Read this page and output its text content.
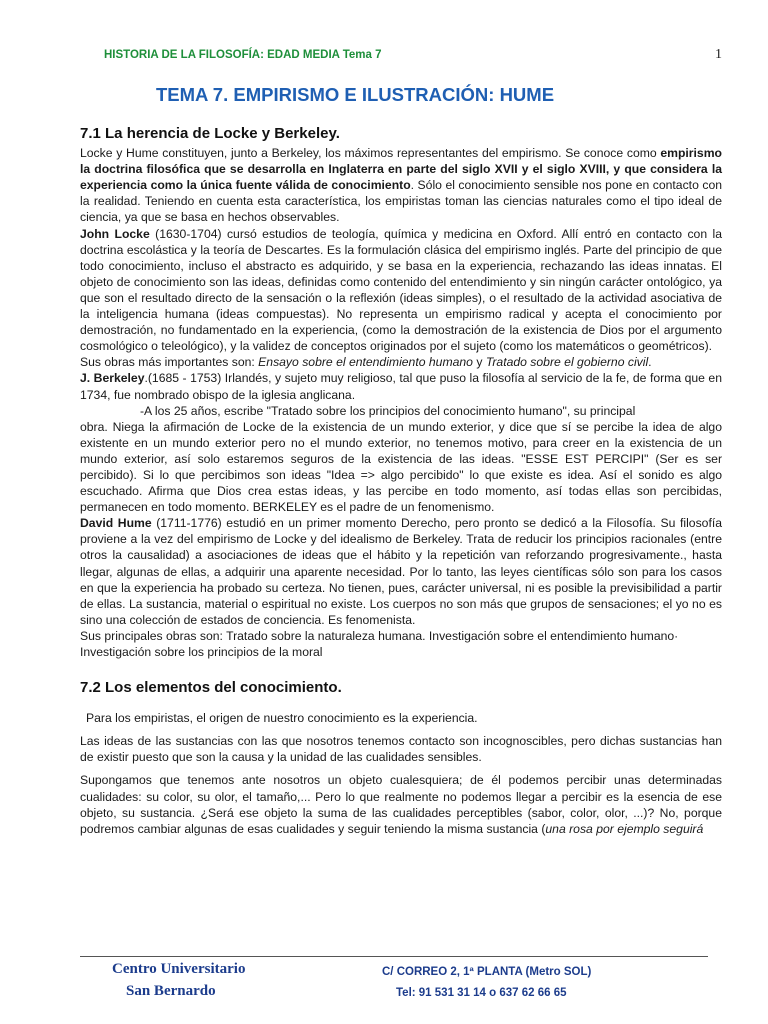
HISTORIA DE LA FILOSOFÍA: EDAD MEDIA Tema 7	1
TEMA 7. EMPIRISMO E ILUSTRACIÓN: HUME
7.1 La herencia de Locke y Berkeley.

Locke y Hume constituyen, junto a Berkeley, los máximos representantes del empirismo. Se conoce como empirismo la doctrina filosófica que se desarrolla en Inglaterra en parte del siglo XVII y el siglo XVIII, y que considera la experiencia como la única fuente válida de conocimiento. Sólo el conocimiento sensible nos pone en contacto con la realidad. Teniendo en cuenta esta característica, los empiristas toman las ciencias naturales como el tipo ideal de ciencia, ya que se basa en hechos observables.

John Locke (1630-1704) cursó estudios de teología, química y medicina en Oxford. Allí entró en contacto con la doctrina escolástica y la teoría de Descartes. Es la formulación clásica del empirismo inglés. Parte del principio de que todo conocimiento, incluso el abstracto es adquirido, y se basa en la experiencia, rechazando las ideas innatas. El objeto de conocimiento son las ideas, definidas como contenido del entendimiento y sin ningún carácter ontológico, ya que son el resultado directo de la sensación o la reflexión (ideas simples), o el resultado de la actividad asociativa de la inteligencia humana (ideas compuestas). No representa un empirismo radical y acepta el conocimiento por demostración, no fundamentado en la experiencia, (como la demostración de la existencia de Dios por el argumento cosmológico o teleológico), y la validez de conceptos originados por el sujeto (como los matemáticos o geométricos).

Sus obras más importantes son: Ensayo sobre el entendimiento humano y Tratado sobre el gobierno civil.

J. Berkeley.(1685 - 1753) Irlandés, y sujeto muy religioso, tal que puso la filosofía al servicio de la fe, de forma que en 1734, fue nombrado obispo de la iglesia anglicana.

-A los 25 años, escribe "Tratado sobre los principios del conocimiento humano", su principal

obra. Niega la afirmación de Locke de la existencia de un mundo exterior, y dice que sí se percibe la idea de algo existente en un mundo exterior pero no el mundo exterior, no tenemos motivo, para creer en la existencia de un mundo exterior, así solo estaremos seguros de la existencia de las ideas. "ESSE EST PERCIPI" (Ser es ser percibido). Si lo que percibimos son ideas "Idea => algo percibido" lo que existe es idea. Así el sonido es algo escuchado. Afirma que Dios crea estas ideas, y las percibe en todo momento, así todas ellas son percibidas, permanecen en todo momento. BERKELEY es el padre de un fenomenismo.

David Hume (1711-1776) estudió en un primer momento Derecho, pero pronto se dedicó a la Filosofía. Su filosofía proviene a la vez del empirismo de Locke y del idealismo de Berkeley. Trata de reducir los principios racionales (entre otros la causalidad) a asociaciones de ideas que el hábito y la repetición van reforzando progresivamente., hasta llegar, algunas de ellas, a adquirir una aparente necesidad. Por lo tanto, las leyes científicas sólo son para los casos en que la experiencia ha probado su certeza. No tienen, pues, carácter universal, ni es posible la previsibilidad a partir de ellas. La sustancia, material o espiritual no existe. Los cuerpos no son más que grupos de sensaciones; el yo no es sino una colección de estados de conciencia. Es fenomenista.

Sus principales obras son: Tratado sobre la naturaleza humana. Investigación sobre el entendimiento humano· Investigación sobre los principios de la moral

7.2 Los elementos del conocimiento.

Para los empiristas, el origen de nuestro conocimiento es la experiencia.

Las ideas de las sustancias con las que nosotros tenemos contacto son incognoscibles, pero dichas sustancias han de existir puesto que son la causa y la unidad de las cualidades sensibles.

Supongamos que tenemos ante nosotros un objeto cualesquiera; de él podemos percibir unas determinadas cualidades: su color, su olor, el tamaño,... Pero lo que realmente no podemos llegar a percibir es la esencia de ese objeto, su sustancia. ¿Será ese objeto la suma de las cualidades perceptibles (sabor, color, olor, ...)? No, porque podremos cambiar algunas de esas cualidades y seguir teniendo la misma sustancia (una rosa por ejemplo seguirá

Centro Universitario
San Bernardo
C/ CORREO 2, 1ª PLANTA (Metro SOL)
Tel: 91 531 31 14 o 637 62 66 65
